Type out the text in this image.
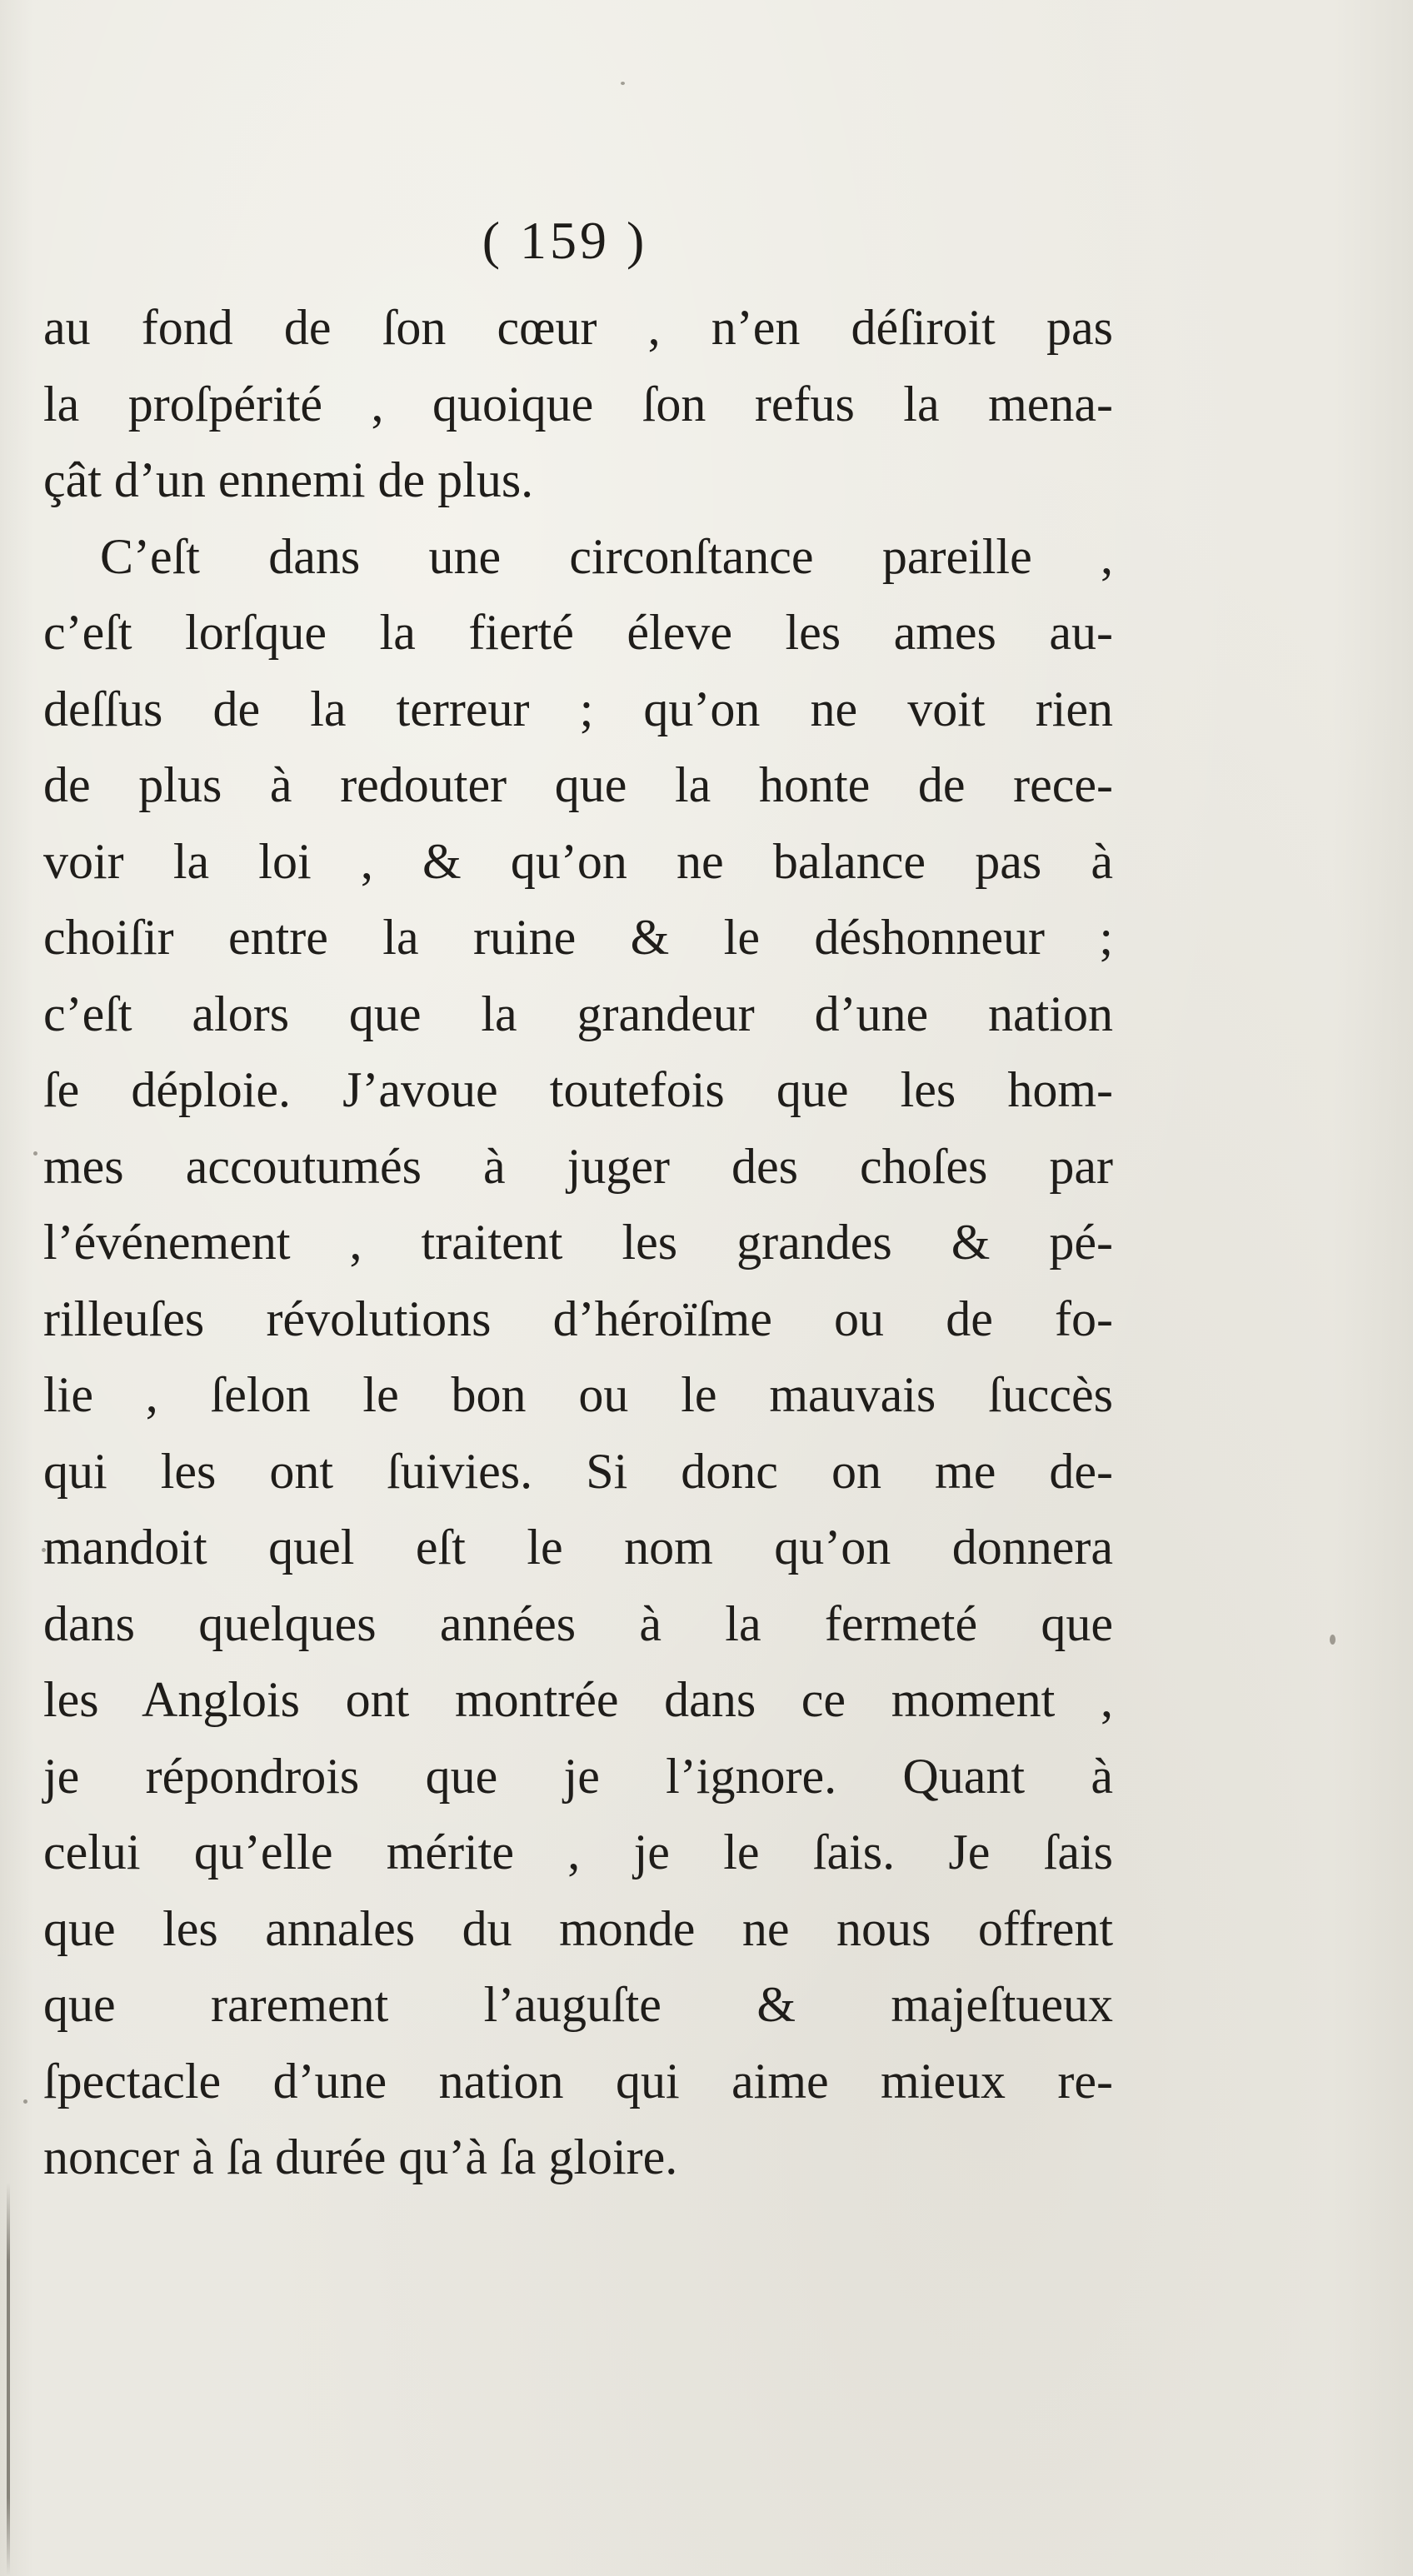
( 159 )
au fond de ſon cœur , n’en déſiroit pas
la proſpérité , quoique ſon refus la mena-
çât d’un ennemi de plus.
C’eſt dans une circonſtance pareille ,
c’eſt lorſque la fierté éleve les ames au-
deſſus de la terreur ; qu’on ne voit rien
de plus à redouter que la honte de rece-
voir la loi , & qu’on ne balance pas à
choiſir entre la ruine & le déshonneur ;
c’eſt alors que la grandeur d’une nation
ſe déploie. J’avoue toutefois que les hom-
mes accoutumés à juger des choſes par
l’événement , traitent les grandes & pé-
rilleuſes révolutions d’héroïſme ou de fo-
lie , ſelon le bon ou le mauvais ſuccès
qui les ont ſuivies. Si donc on me de-
mandoit quel eſt le nom qu’on donnera
dans quelques années à la fermeté que
les Anglois ont montrée dans ce moment ,
je répondrois que je l’ignore. Quant à
celui qu’elle mérite , je le ſais. Je ſais
que les annales du monde ne nous offrent
que rarement l’auguſte & majeſtueux
ſpectacle d’une nation qui aime mieux re-
noncer à ſa durée qu’à ſa gloire.
